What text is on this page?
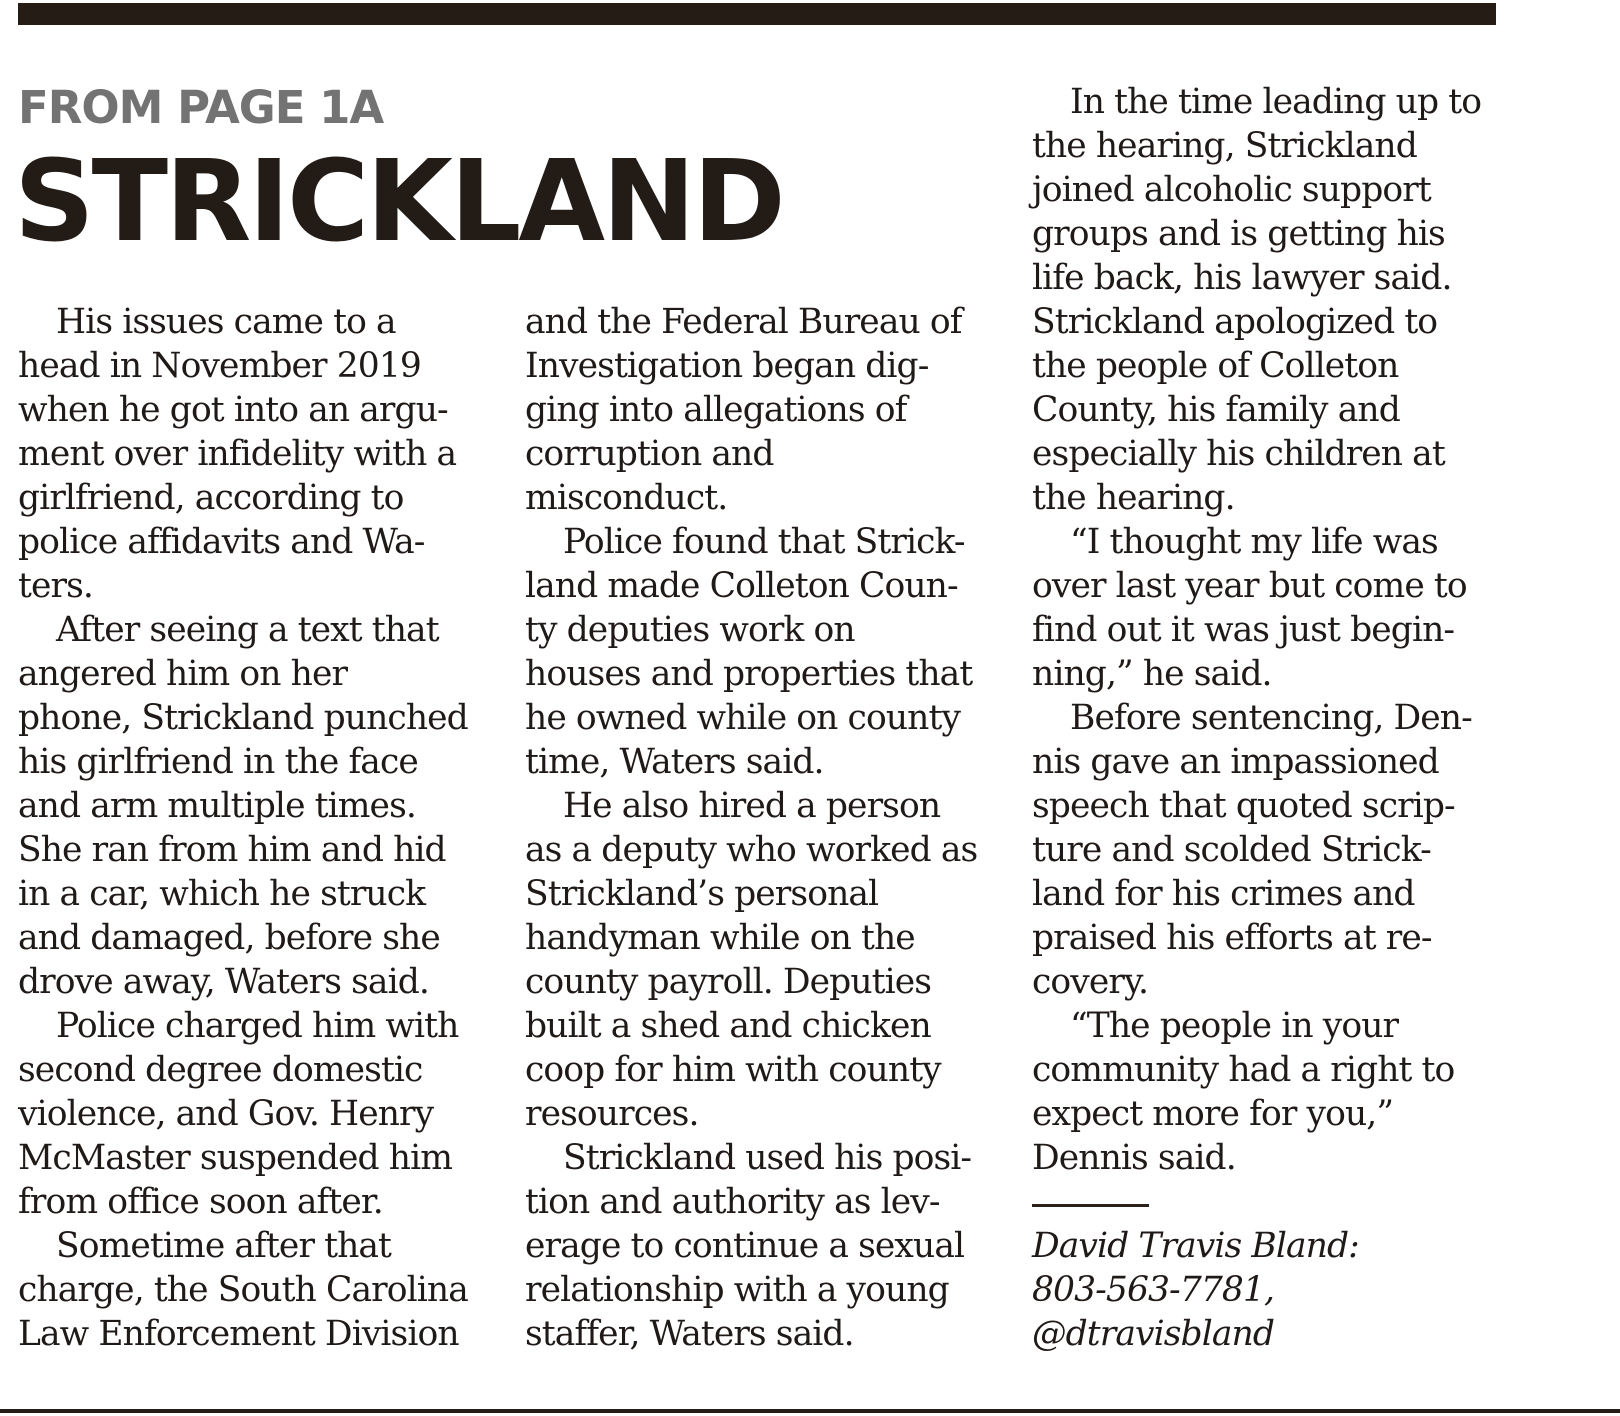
FROM PAGE 1A
STRICKLAND
His issues came to a
head in November 2019
when he got into an argu-
ment over infidelity with a
girlfriend, according to
police affidavits and Wa-
ters.
After seeing a text that
angered him on her
phone, Strickland punched
his girlfriend in the face
and arm multiple times.
She ran from him and hid
in a car, which he struck
and damaged, before she
drove away, Waters said.
Police charged him with
second degree domestic
violence, and Gov. Henry
McMaster suspended him
from office soon after.
Sometime after that
charge, the South Carolina
Law Enforcement Division
and the Federal Bureau of
Investigation began dig-
ging into allegations of
corruption and
misconduct.
Police found that Strick-
land made Colleton Coun-
ty deputies work on
houses and properties that
he owned while on county
time, Waters said.
He also hired a person
as a deputy who worked as
Strickland’s personal
handyman while on the
county payroll. Deputies
built a shed and chicken
coop for him with county
resources.
Strickland used his posi-
tion and authority as lev-
erage to continue a sexual
relationship with a young
staffer, Waters said.
In the time leading up to
the hearing, Strickland
joined alcoholic support
groups and is getting his
life back, his lawyer said.
Strickland apologized to
the people of Colleton
County, his family and
especially his children at
the hearing.
“I thought my life was
over last year but come to
find out it was just begin-
ning,” he said.
Before sentencing, Den-
nis gave an impassioned
speech that quoted scrip-
ture and scolded Strick-
land for his crimes and
praised his efforts at re-
covery.
“The people in your
community had a right to
expect more for you,”
Dennis said.
David Travis Bland:
803-563-7781,
@dtravisbland
